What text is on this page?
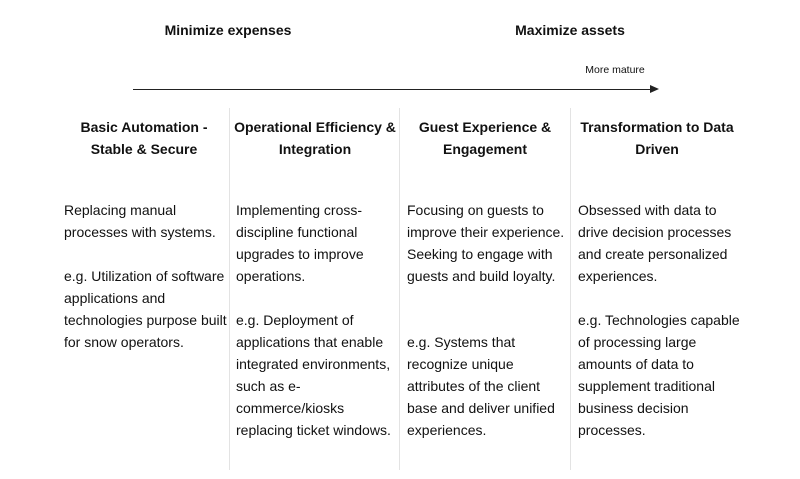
Minimize expenses	Maximize assets
More mature
Basic Automation - Stable & Secure
Replacing manual processes with systems.
e.g. Utilization of software applications and technologies purpose built for snow operators.
Operational Efficiency & Integration
Implementing cross-discipline functional upgrades to improve operations.
e.g. Deployment of applications that enable integrated environments, such as e-commerce/kiosks replacing ticket windows.
Guest Experience & Engagement
Focusing on guests to improve their experience. Seeking to engage with guests and build loyalty.
e.g. Systems that recognize unique attributes of the client base and deliver unified experiences.
Transformation to Data Driven
Obsessed with data to drive decision processes and create personalized experiences.
e.g. Technologies capable of processing large amounts of data to supplement traditional business decision processes.
